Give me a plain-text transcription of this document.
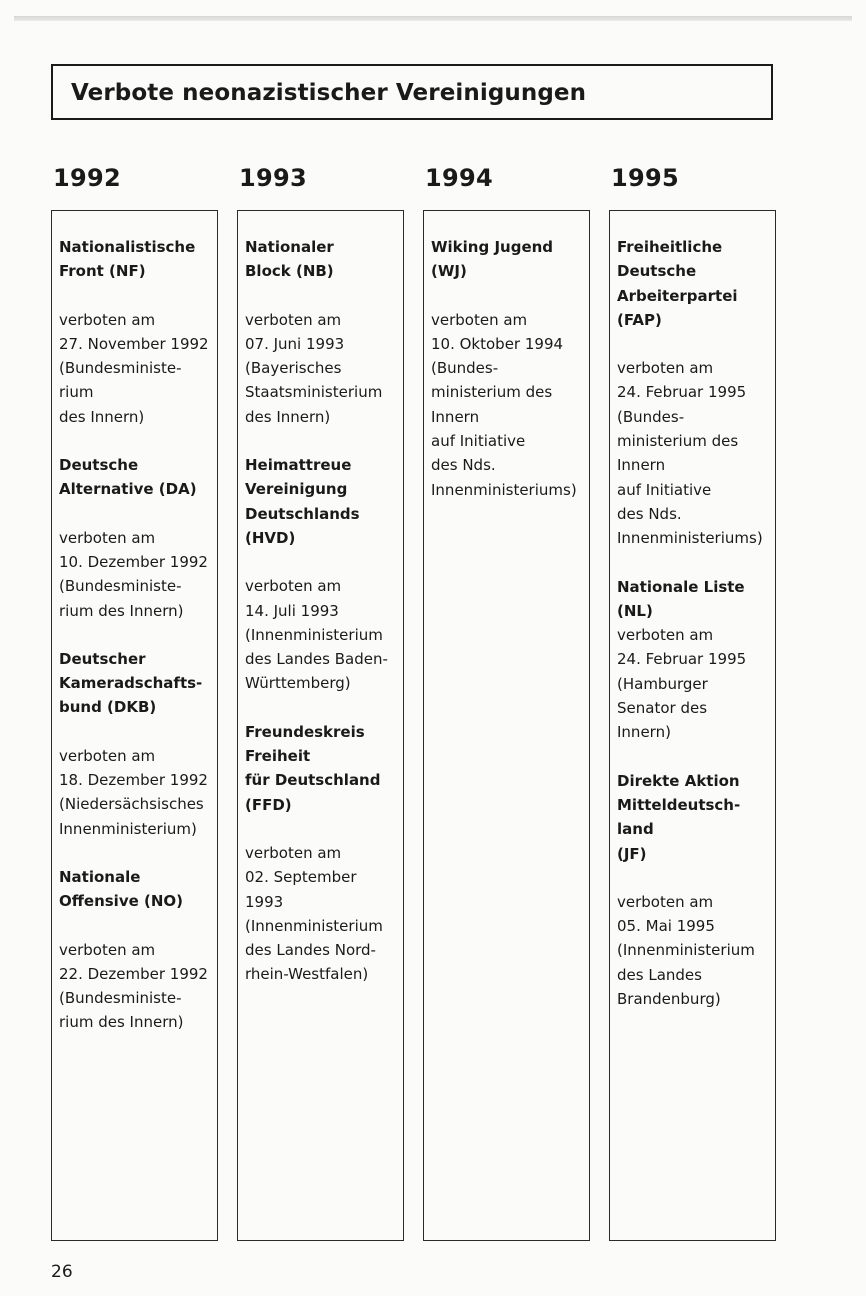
Verbote neonazistischer Vereinigungen
1992

Nationalistische
Front (NF)

verboten am
27. November 1992
(Bundesministe-
rium
des Innern)

Deutsche
Alternative (DA)

verboten am
10. Dezember 1992
(Bundesministe-
rium des Innern)

Deutscher
Kameradschafts-
bund (DKB)

verboten am
18. Dezember 1992
(Niedersächsisches
Innenministerium)

Nationale
Offensive (NO)

verboten am
22. Dezember 1992
(Bundesministe-
rium des Innern)

1993

Nationaler
Block (NB)

verboten am
07. Juni 1993
(Bayerisches
Staatsministerium
des Innern)

Heimattreue
Vereinigung
Deutschlands
(HVD)

verboten am
14. Juli 1993
(Innenministerium
des Landes Baden-
Württemberg)

Freundeskreis
Freiheit
für Deutschland
(FFD)

verboten am
02. September 1993
(Innenministerium
des Landes Nord-
rhein-Westfalen)

1994

Wiking Jugend
(WJ)

verboten am
10. Oktober 1994
(Bundes-
ministerium des
Innern
auf Initiative
des Nds.
Innenministeriums)

1995

Freiheitliche
Deutsche
Arbeiterpartei
(FAP)

verboten am
24. Februar 1995
(Bundes-
ministerium des
Innern
auf Initiative
des Nds.
Innenministeriums)

Nationale Liste
(NL)

verboten am
24. Februar 1995
(Hamburger
Senator des
Innern)

Direkte Aktion
Mitteldeutsch-
land
(JF)

verboten am
05. Mai 1995
(Innenministerium
des Landes
Brandenburg)

26
